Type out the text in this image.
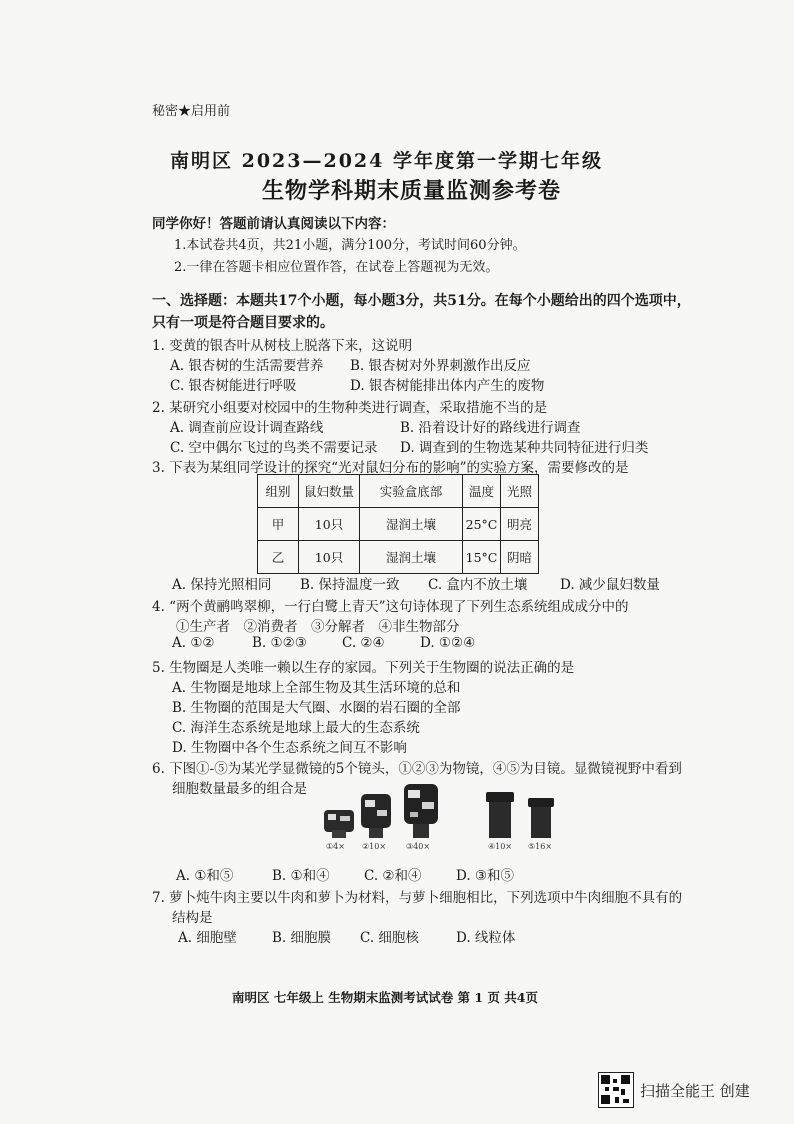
秘密★启用前
南明区 2023—2024 学年度第一学期七年级
生物学科期末质量监测参考卷
同学你好！答题前请认真阅读以下内容：
1.本试卷共4页，共21小题，满分100分，考试时间60分钟。
2.一律在答题卡相应位置作答，在试卷上答题视为无效。
一、选择题：本题共17个小题，每小题3分，共51分。在每个小题给出的四个选项中，
只有一项是符合题目要求的。
1. 变黄的银杏叶从树枝上脱落下来，这说明
A. 银杏树的生活需要营养 B. 银杏树对外界刺激作出反应
C. 银杏树能进行呼吸	D. 银杏树能排出体内产生的废物
2. 某研究小组要对校园中的生物种类进行调查，采取措施不当的是
A. 调查前应设计调查路线	B. 沿着设计好的路线进行调查
C. 空中偶尔飞过的鸟类不需要记录 D. 调查到的生物选某种共同特征进行归类
3. 下表为某组同学设计的探究“光对鼠妇分布的影响”的实验方案，需要修改的是
组别	鼠妇数量	实验盒底部	温度	光照
甲	10只	湿润土壤	25°C	明亮
乙	10只	湿润土壤	15°C	阴暗
A. 保持光照相同 B. 保持温度一致 C. 盒内不放土壤 D. 减少鼠妇数量
4. “两个黄鹂鸣翠柳，一行白鹭上青天”这句诗体现了下列生态系统组成成分中的
①生产者　②消费者　③分解者　④非生物部分
A. ①②	B. ①②③	C. ②④	D. ①②④
5. 生物圈是人类唯一赖以生存的家园。下列关于生物圈的说法正确的是
A. 生物圈是地球上全部生物及其生活环境的总和
B. 生物圈的范围是大气圈、水圈的岩石圈的全部
C. 海洋生态系统是地球上最大的生态系统
D. 生物圈中各个生态系统之间互不影响
6. 下图①-⑤为某光学显微镜的5个镜头，①②③为物镜，④⑤为目镜。显微镜视野中看到
细胞数量最多的组合是
①4× ②10× ③40×	④10× ⑤16×
A. ①和⑤	B. ①和④	C. ②和④	D. ③和⑤
7. 萝卜炖牛肉主要以牛肉和萝卜为材料，与萝卜细胞相比，下列选项中牛肉细胞不具有的
结构是
A. 细胞壁	B. 细胞膜 C. 细胞核	D. 线粒体
南明区 七年级上 生物期末监测考试试卷 第 1 页 共4页
扫描全能王 创建
